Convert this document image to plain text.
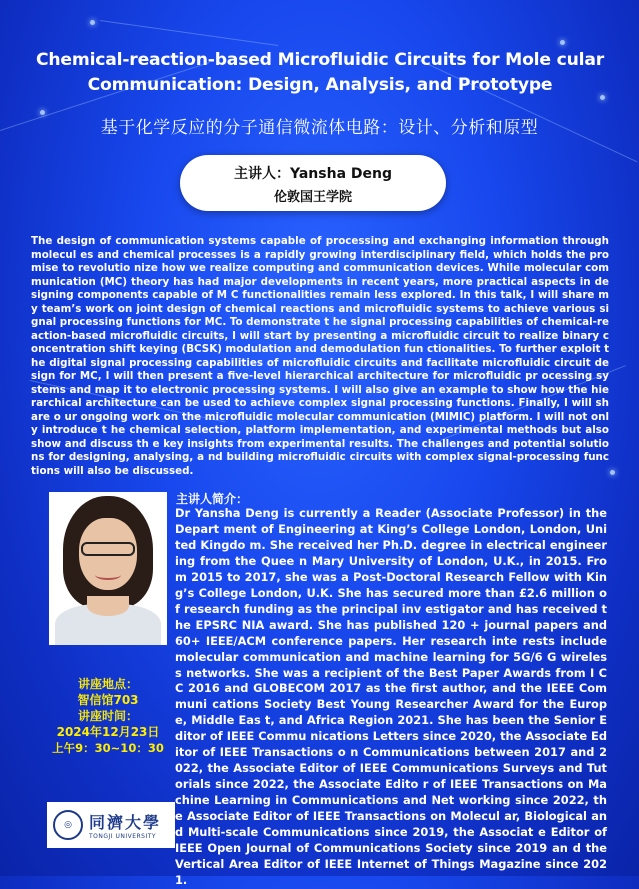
Chemical-reaction-based Microfluidic Circuits for Mole cular Communication: Design, Analysis, and Prototype
基于化学反应的分子通信微流体电路：设计、分析和原型
主讲人：Yansha Deng
伦敦国王学院
The design of communication systems capable of processing and exchanging information through molecul es and chemical processes is a rapidly growing interdisciplinary field, which holds the promise to revolutio nize how we realize computing and communication devices. While molecular communication (MC) theory has had major developments in recent years, more practical aspects in designing components capable of M C functionalities remain less explored. In this talk, I will share my team’s work on joint design of chemical reactions and microfluidic systems to achieve various signal processing functions for MC. To demonstrate t he signal processing capabilities of chemical-reaction-based microfluidic circuits, I will start by presenting a microfluidic circuit to realize binary concentration shift keying (BCSK) modulation and demodulation fun ctionalities. To further exploit the digital signal processing capabilities of microfluidic circuits and facilitate microfluidic circuit design for MC, I will then present a five-level hierarchical architecture for microfluidic pr ocessing systems and map it to electronic processing systems. I will also give an example to show how the hierarchical architecture can be used to achieve complex signal processing functions. Finally, I will share o ur ongoing work on the microfluidic molecular communication (MIMIC) platform. I will not only introduce t he chemical selection, platform implementation, and experimental methods but also show and discuss th e key insights from experimental results. The challenges and potential solutions for designing, analysing, a nd building microfluidic circuits with complex signal-processing functions will also be discussed.
讲座地点：
智信馆703
讲座时间：
2024年12月23日
上午9：30~10：30
◎	同濟大學
TONGJI UNIVERSITY
主讲人简介：
Dr Yansha Deng is currently a Reader (Associate Professor) in the Depart ment of Engineering at King’s College London, London, United Kingdo m. She received her Ph.D. degree in electrical engineering from the Quee n Mary University of London, U.K., in 2015. From 2015 to 2017, she was a Post-Doctoral Research Fellow with King’s College London, U.K. She has secured more than £2.6 million of research funding as the principal inv estigator and has received the EPSRC NIA award. She has published 120 + journal papers and 60+ IEEE/ACM conference papers. Her research inte rests include molecular communication and machine learning for 5G/6 G wireless networks. She was a recipient of the Best Paper Awards from I CC 2016 and GLOBECOM 2017 as the first author, and the IEEE Communi cations Society Best Young Researcher Award for the Europe, Middle Eas t, and Africa Region 2021. She has been the Senior Editor of IEEE Commu nications Letters since 2020, the Associate Editor of IEEE Transactions o n Communications between 2017 and 2022, the Associate Editor of IEEE Communications Surveys and Tutorials since 2022, the Associate Edito r of IEEE Transactions on Machine Learning in Communications and Net working since 2022, the Associate Editor of IEEE Transactions on Molecul ar, Biological and Multi-scale Communications since 2019, the Associat e Editor of IEEE Open Journal of Communications Society since 2019 an d the Vertical Area Editor of IEEE Internet of Things Magazine since 2021.
